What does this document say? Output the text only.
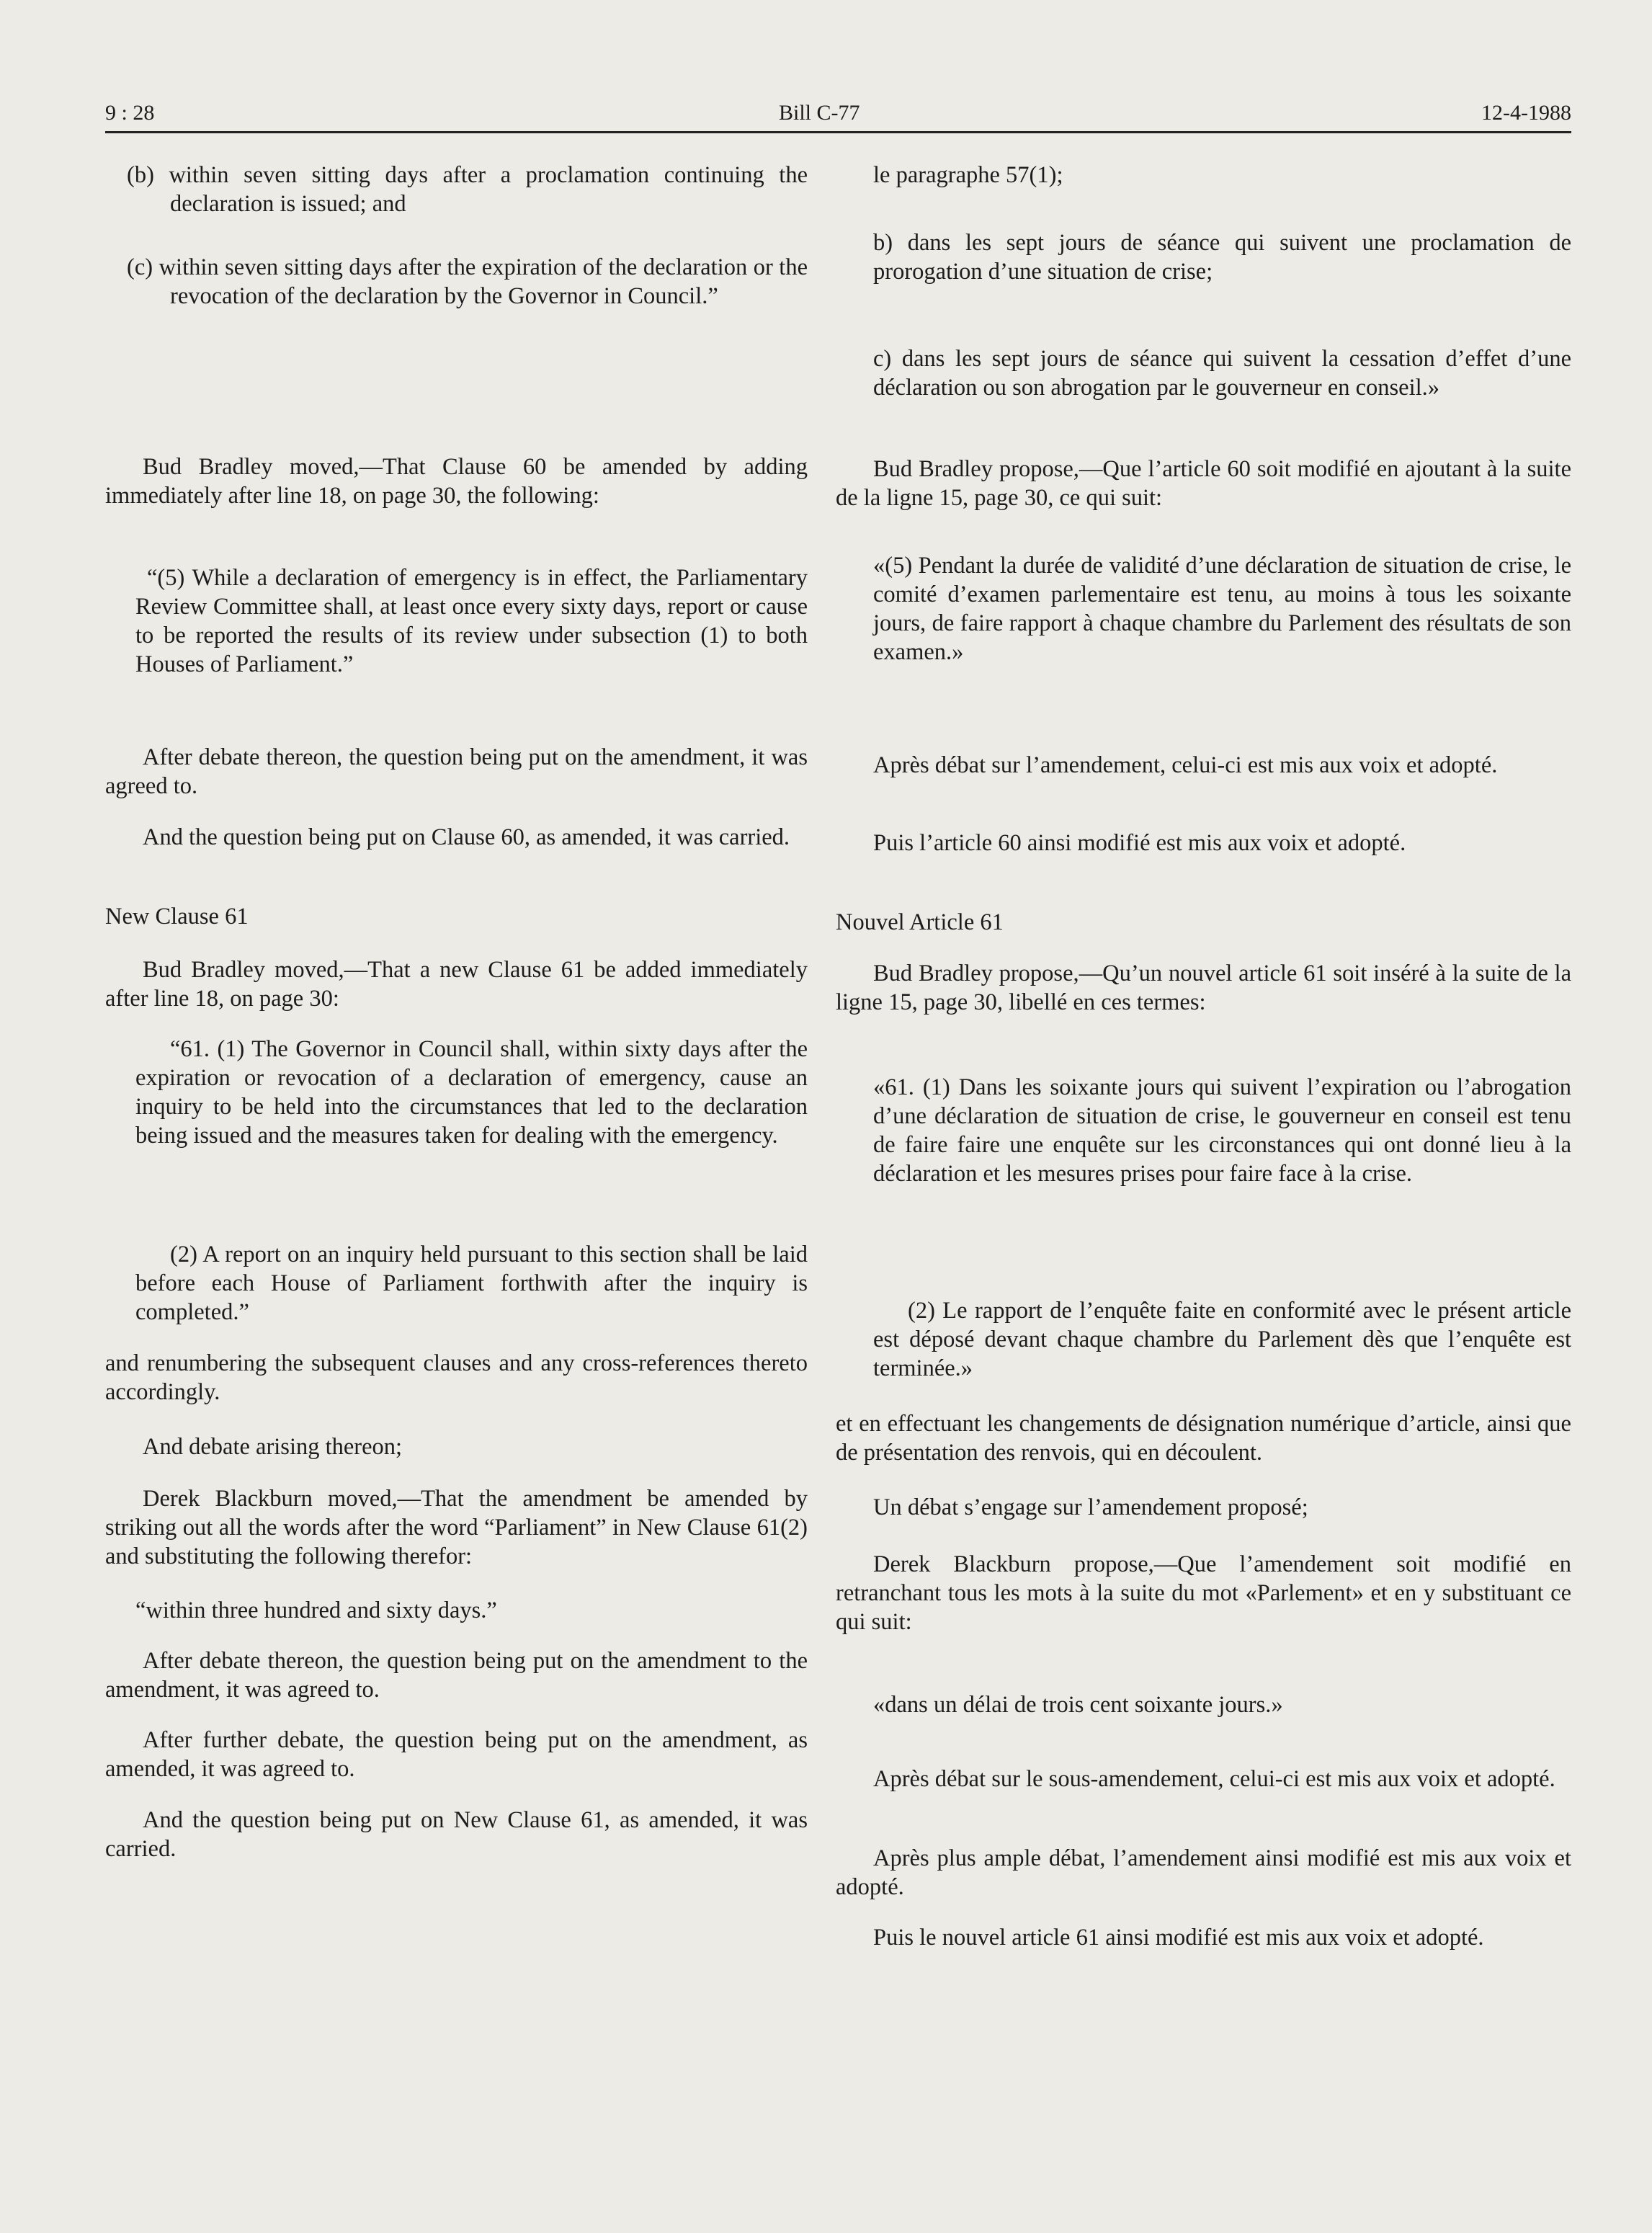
9 : 28	Bill C-77	12-4-1988

(b) within seven sitting days after a proclamation continuing the declaration is issued; and

(c) within seven sitting days after the expiration of the declaration or the revocation of the declaration by the Governor in Council.”

Bud Bradley moved,—That Clause 60 be amended by adding immediately after line 18, on page 30, the following:

“(5) While a declaration of emergency is in effect, the Parliamentary Review Committee shall, at least once every sixty days, report or cause to be reported the results of its review under subsection (1) to both Houses of Parliament.”

After debate thereon, the question being put on the amendment, it was agreed to.

And the question being put on Clause 60, as amended, it was carried.

New Clause 61

Bud Bradley moved,—That a new Clause 61 be added immediately after line 18, on page 30:

“61. (1) The Governor in Council shall, within sixty days after the expiration or revocation of a declaration of emergency, cause an inquiry to be held into the circumstances that led to the declaration being issued and the measures taken for dealing with the emergency.

(2) A report on an inquiry held pursuant to this section shall be laid before each House of Parliament forthwith after the inquiry is completed.”

and renumbering the subsequent clauses and any cross-references thereto accordingly.

And debate arising thereon;

Derek Blackburn moved,—That the amendment be amended by striking out all the words after the word “Parliament” in New Clause 61(2) and substituting the following therefor:

“within three hundred and sixty days.”

After debate thereon, the question being put on the amendment to the amendment, it was agreed to.

After further debate, the question being put on the amendment, as amended, it was agreed to.

And the question being put on New Clause 61, as amended, it was carried.

le paragraphe 57(1);

b) dans les sept jours de séance qui suivent une proclamation de prorogation d’une situation de crise;

c) dans les sept jours de séance qui suivent la cessation d’effet d’une déclaration ou son abrogation par le gouverneur en conseil.»

Bud Bradley propose,—Que l’article 60 soit modifié en ajoutant à la suite de la ligne 15, page 30, ce qui suit:

«(5) Pendant la durée de validité d’une déclaration de situation de crise, le comité d’examen parlementaire est tenu, au moins à tous les soixante jours, de faire rapport à chaque chambre du Parlement des résultats de son examen.»

Après débat sur l’amendement, celui-ci est mis aux voix et adopté.

Puis l’article 60 ainsi modifié est mis aux voix et adopté.

Nouvel Article 61

Bud Bradley propose,—Qu’un nouvel article 61 soit inséré à la suite de la ligne 15, page 30, libellé en ces termes:

«61. (1) Dans les soixante jours qui suivent l’expiration ou l’abrogation d’une déclaration de situation de crise, le gouverneur en conseil est tenu de faire faire une enquête sur les circonstances qui ont donné lieu à la déclaration et les mesures prises pour faire face à la crise.

(2) Le rapport de l’enquête faite en conformité avec le présent article est déposé devant chaque chambre du Parlement dès que l’enquête est terminée.»

et en effectuant les changements de désignation numérique d’article, ainsi que de présentation des renvois, qui en découlent.

Un débat s’engage sur l’amendement proposé;

Derek Blackburn propose,—Que l’amendement soit modifié en retranchant tous les mots à la suite du mot «Parlement» et en y substituant ce qui suit:

«dans un délai de trois cent soixante jours.»

Après débat sur le sous-amendement, celui-ci est mis aux voix et adopté.

Après plus ample débat, l’amendement ainsi modifié est mis aux voix et adopté.

Puis le nouvel article 61 ainsi modifié est mis aux voix et adopté.
